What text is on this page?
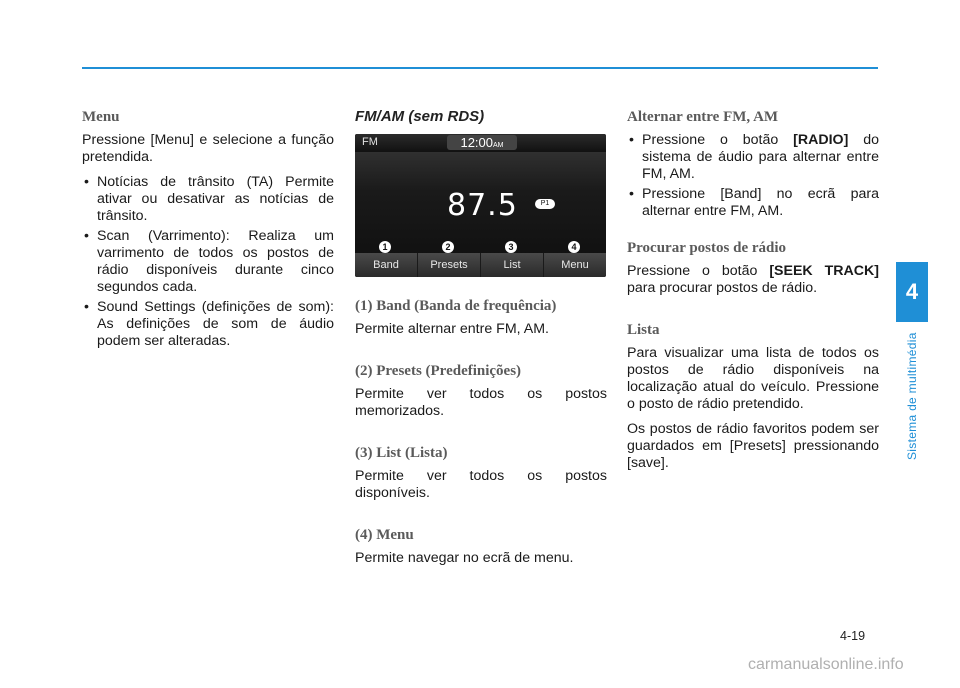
Menu
Pressione [Menu] e selecione a função pretendida.
• Notícias de trânsito (TA) Permite ativar ou desativar as notícias de trânsito.
• Scan (Varrimento): Realiza um varrimento de todos os postos de rádio disponíveis durante cinco segundos cada.
• Sound Settings (definições de som): As definições de som de áudio podem ser alteradas.
FM/AM (sem RDS)
FM	12:00AM
87.5	P1
1	2	3	4
Band	Presets	List	Menu
(1) Band (Banda de frequência)
Permite alternar entre FM, AM.
(2) Presets (Predefinições)
Permite ver todos os postos memorizados.
(3) List (Lista)
Permite ver todos os postos disponíveis.
(4) Menu
Permite navegar no ecrã de menu.
Alternar entre FM, AM
• Pressione o botão [RADIO] do sistema de áudio para alternar entre FM, AM.
• Pressione [Band] no ecrã para alternar entre FM, AM.
Procurar postos de rádio
Pressione o botão [SEEK TRACK] para procurar postos de rádio.
Lista
Para visualizar uma lista de todos os postos de rádio disponíveis na localização atual do veículo. Pressione o posto de rádio pretendido.
Os postos de rádio favoritos podem ser guardados em [Presets] pressionando [save].
4
Sistema de multimédia
4-19
carmanualsonline.info
